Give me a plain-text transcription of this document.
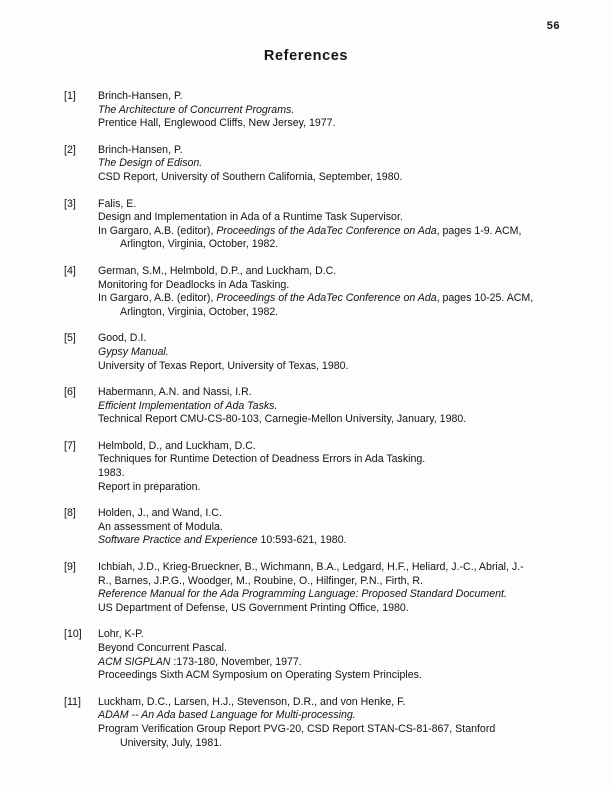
56
References
[1]	Brinch-Hansen, P.
The Architecture of Concurrent Programs.
Prentice Hall, Englewood Cliffs, New Jersey, 1977.
[2]	Brinch-Hansen, P.
The Design of Edison.
CSD Report, University of Southern California, September, 1980.
[3]	Falis, E.
Design and Implementation in Ada of a Runtime Task Supervisor.
In Gargaro, A.B. (editor), Proceedings of the AdaTec Conference on Ada, pages 1-9. ACM,
Arlington, Virginia, October, 1982.
[4]	German, S.M., Helmbold, D.P., and Luckham, D.C.
Monitoring for Deadlocks in Ada Tasking.
In Gargaro, A.B. (editor), Proceedings of the AdaTec Conference on Ada, pages 10-25. ACM,
Arlington, Virginia, October, 1982.
[5]	Good, D.I.
Gypsy Manual.
University of Texas Report, University of Texas, 1980.
[6]	Habermann, A.N. and Nassi, I.R.
Efficient Implementation of Ada Tasks.
Technical Report CMU-CS-80-103, Carnegie-Mellon University, January, 1980.
[7]	Helmbold, D., and Luckham, D.C.
Techniques for Runtime Detection of Deadness Errors in Ada Tasking.
1983.
Report in preparation.
[8]	Holden, J., and Wand, I.C.
An assessment of Modula.
Software Practice and Experience 10:593-621, 1980.
[9]	Ichbiah, J.D., Krieg-Brueckner, B., Wichmann, B.A., Ledgard, H.F., Heliard, J.-C., Abrial, J.-
R., Barnes, J.P.G., Woodger, M., Roubine, O., Hilfinger, P.N., Firth, R.
Reference Manual for the Ada Programming Language: Proposed Standard Document.
US Department of Defense, US Government Printing Office, 1980.
[10]	Lohr, K-P.
Beyond Concurrent Pascal.
ACM SIGPLAN :173-180, November, 1977.
Proceedings Sixth ACM Symposium on Operating System Principles.
[11]	Luckham, D.C., Larsen, H.J., Stevenson, D.R., and von Henke, F.
ADAM -- An Ada based Language for Multi-processing.
Program Verification Group Report PVG-20, CSD Report STAN-CS-81-867, Stanford
University, July, 1981.
